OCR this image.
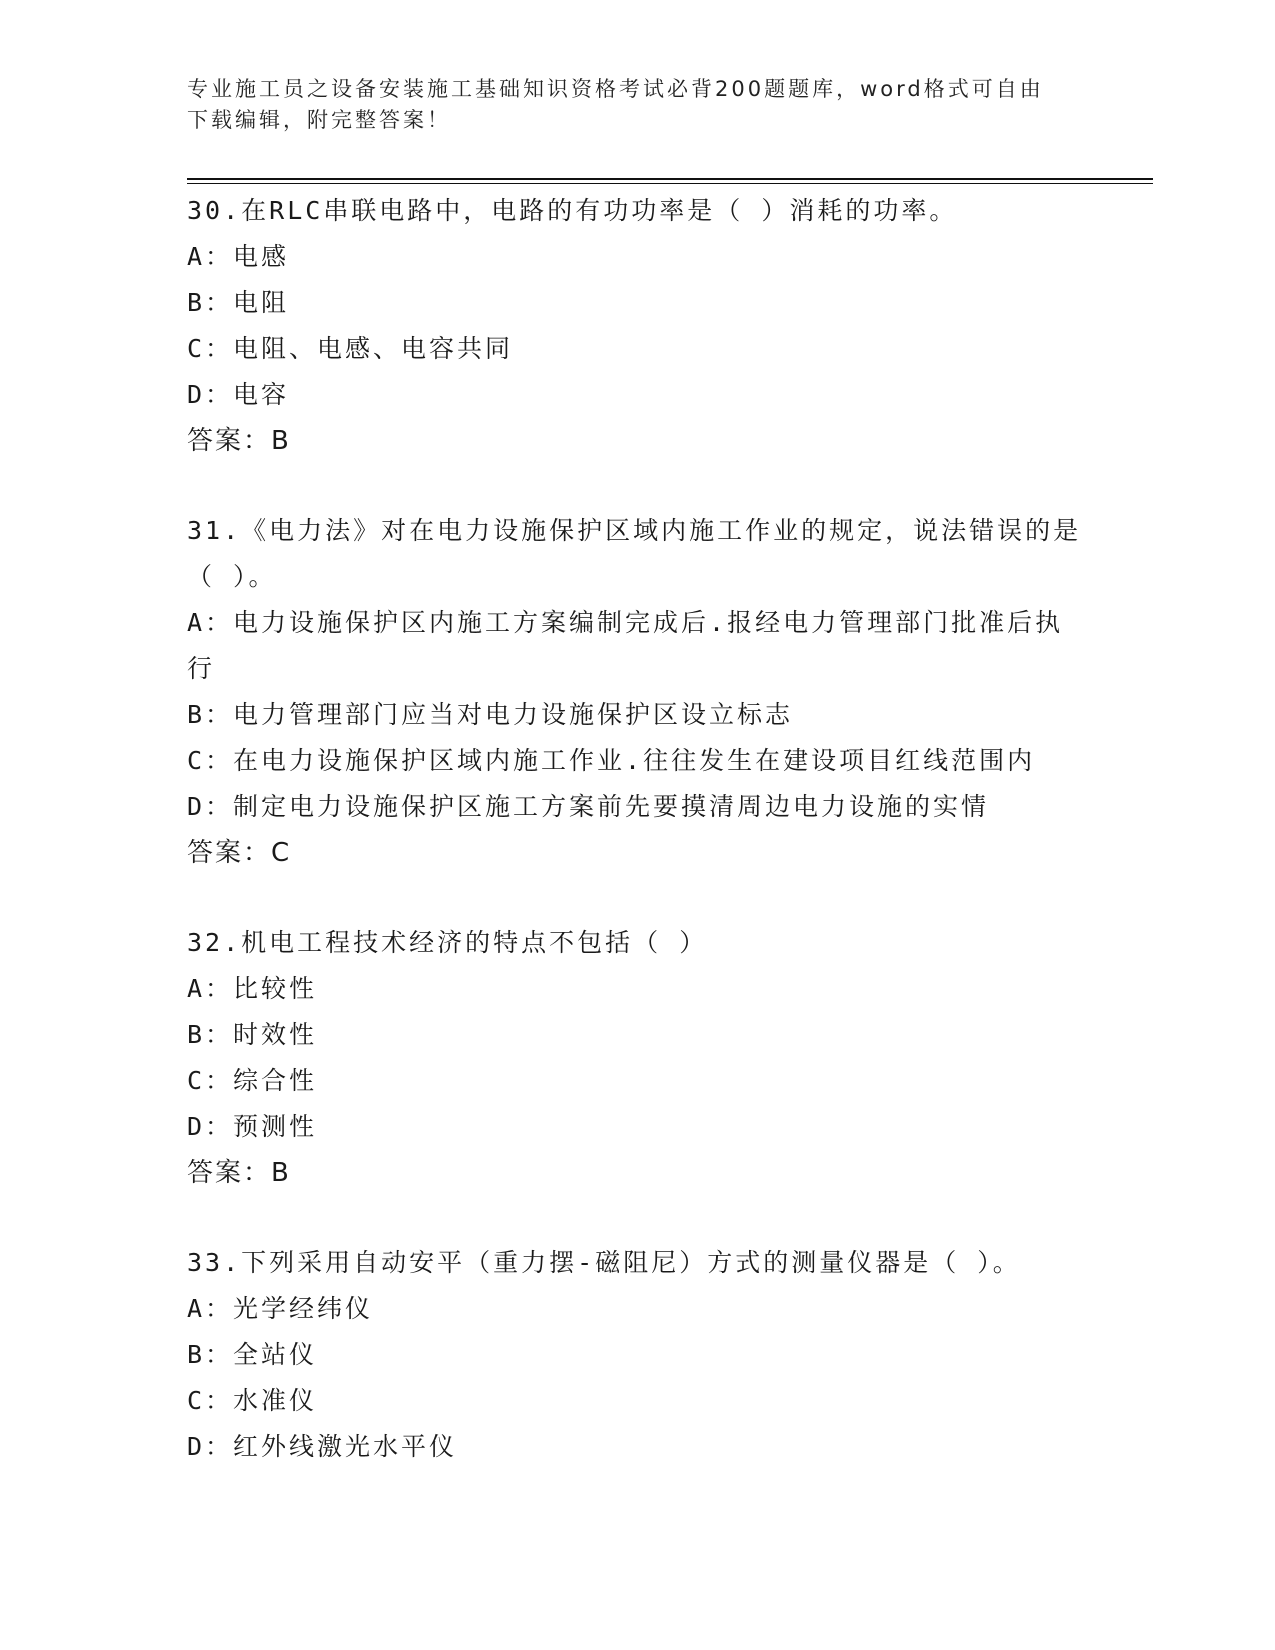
专业施工员之设备安装施工基础知识资格考试必背200题题库，word格式可自由
下载编辑，附完整答案！
30.在RLC串联电路中，电路的有功功率是（ ）消耗的功率。
A：电感
B：电阻
C：电阻、电感、电容共同
D：电容
答案：B
31.《电力法》对在电力设施保护区域内施工作业的规定，说法错误的是（ ）。
A：电力设施保护区内施工方案编制完成后.报经电力管理部门批准后执行
B：电力管理部门应当对电力设施保护区设立标志
C：在电力设施保护区域内施工作业.往往发生在建设项目红线范围内
D：制定电力设施保护区施工方案前先要摸清周边电力设施的实情
答案：C
32.机电工程技术经济的特点不包括（ ）
A：比较性
B：时效性
C：综合性
D：预测性
答案：B
33.下列采用自动安平（重力摆-磁阻尼）方式的测量仪器是（ ）。
A：光学经纬仪
B：全站仪
C：水准仪
D：红外线激光水平仪
